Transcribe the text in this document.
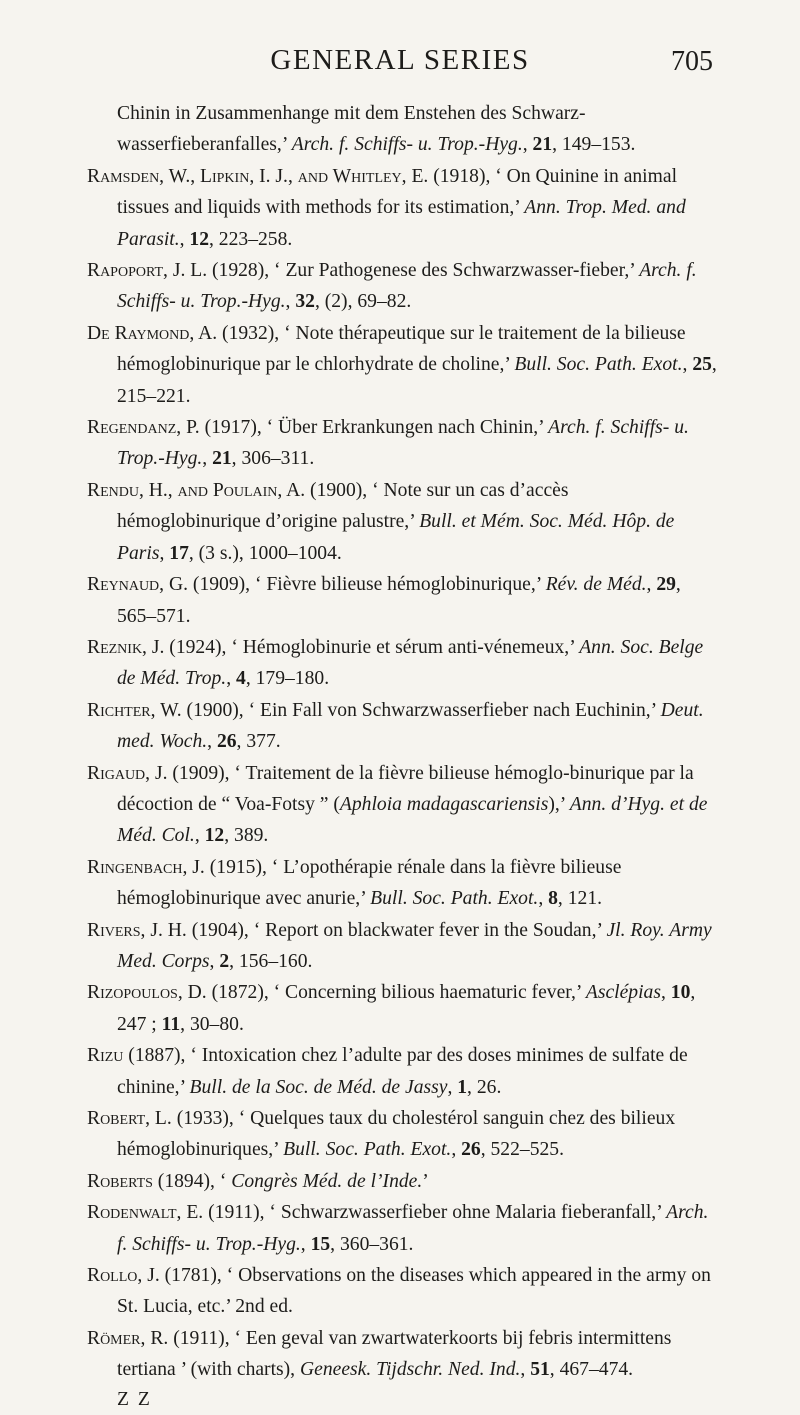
GENERAL SERIES	705

Chinin in Zusammenhange mit dem Enstehen des Schwarz-wasserfieberanfalles,’ Arch. f. Schiffs- u. Trop.-Hyg., 21, 149–153.

Ramsden, W., Lipkin, I. J., and Whitley, E. (1918), ‘ On Quinine in animal tissues and liquids with methods for its estimation,’ Ann. Trop. Med. and Parasit., 12, 223–258.

Rapoport, J. L. (1928), ‘ Zur Pathogenese des Schwarzwasser-fieber,’ Arch. f. Schiffs- u. Trop.-Hyg., 32, (2), 69–82.

De Raymond, A. (1932), ‘ Note thérapeutique sur le traitement de la bilieuse hémoglobinurique par le chlorhydrate de choline,’ Bull. Soc. Path. Exot., 25, 215–221.

Regendanz, P. (1917), ‘ Über Erkrankungen nach Chinin,’ Arch. f. Schiffs- u. Trop.-Hyg., 21, 306–311.

Rendu, H., and Poulain, A. (1900), ‘ Note sur un cas d’accès hémoglobinurique d’origine palustre,’ Bull. et Mém. Soc. Méd. Hôp. de Paris, 17, (3 s.), 1000–1004.

Reynaud, G. (1909), ‘ Fièvre bilieuse hémoglobinurique,’ Rév. de Méd., 29, 565–571.

Reznik, J. (1924), ‘ Hémoglobinurie et sérum anti-vénemeux,’ Ann. Soc. Belge de Méd. Trop., 4, 179–180.

Richter, W. (1900), ‘ Ein Fall von Schwarzwasserfieber nach Euchinin,’ Deut. med. Woch., 26, 377.

Rigaud, J. (1909), ‘ Traitement de la fièvre bilieuse hémoglo-binurique par la décoction de “ Voa-Fotsy ” (Aphloia madagascariensis),’ Ann. d’Hyg. et de Méd. Col., 12, 389.

Ringenbach, J. (1915), ‘ L’opothérapie rénale dans la fièvre bilieuse hémoglobinurique avec anurie,’ Bull. Soc. Path. Exot., 8, 121.

Rivers, J. H. (1904), ‘ Report on blackwater fever in the Soudan,’ Jl. Roy. Army Med. Corps, 2, 156–160.

Rizopoulos, D. (1872), ‘ Concerning bilious haematuric fever,’ Asclépias, 10, 247 ; 11, 30–80.

Rizu (1887), ‘ Intoxication chez l’adulte par des doses minimes de sulfate de chinine,’ Bull. de la Soc. de Méd. de Jassy, 1, 26.

Robert, L. (1933), ‘ Quelques taux du cholestérol sanguin chez des bilieux hémoglobinuriques,’ Bull. Soc. Path. Exot., 26, 522–525.

Roberts (1894), ‘ Congrès Méd. de l’Inde.’

Rodenwalt, E. (1911), ‘ Schwarzwasserfieber ohne Malaria fieberanfall,’ Arch. f. Schiffs- u. Trop.-Hyg., 15, 360–361.

Rollo, J. (1781), ‘ Observations on the diseases which appeared in the army on St. Lucia, etc.’ 2nd ed.

Römer, R. (1911), ‘ Een geval van zwartwaterkoorts bij febris intermittens tertiana ’ (with charts), Geneesk. Tijdschr. Ned. Ind., 51, 467–474.

Z Z
